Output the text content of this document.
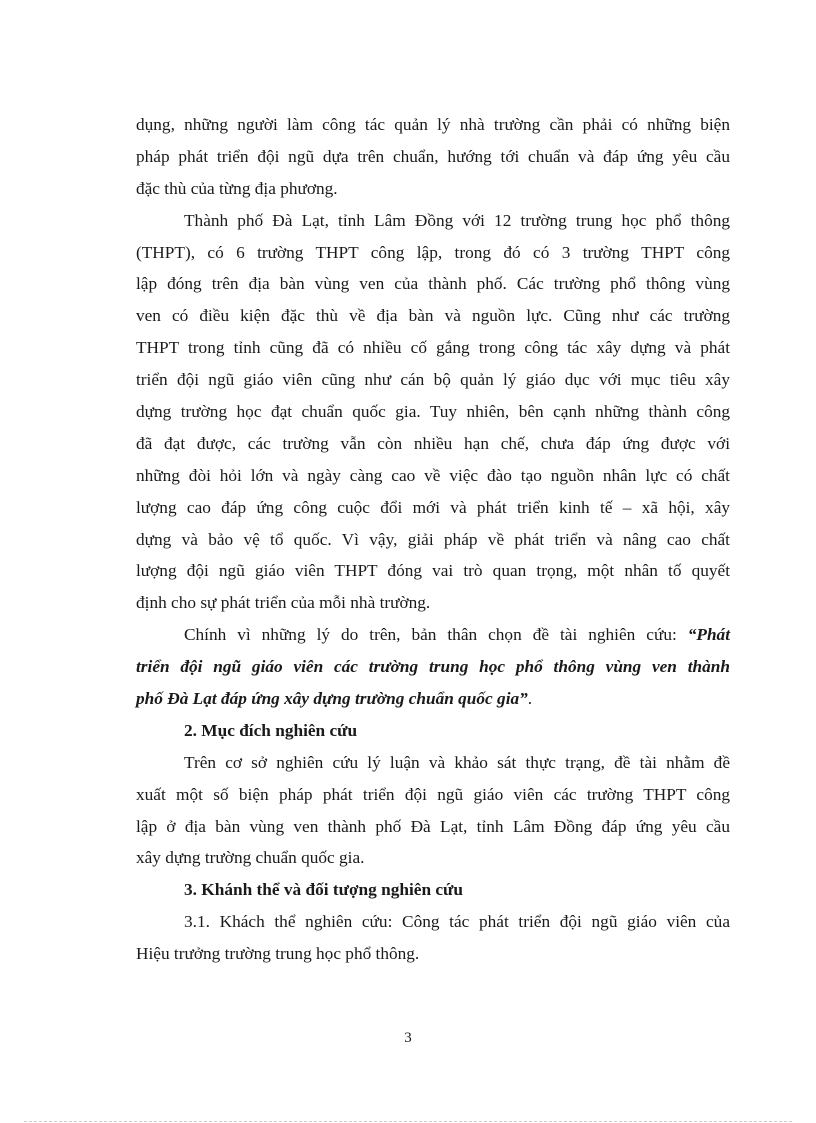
dụng, những người làm công tác quản lý nhà trường cần phải có những biện
pháp phát triển đội ngũ dựa trên chuẩn, hướng tới chuẩn và đáp ứng yêu cầu
đặc thù của từng địa phương.
Thành phố Đà Lạt, tỉnh Lâm Đồng với 12 trường trung học phổ thông
(THPT), có 6 trường THPT công lập, trong đó có 3 trường THPT công
lập đóng trên địa bàn vùng ven của thành phố. Các trường phổ thông vùng
ven có điều kiện đặc thù về địa bàn và nguồn lực. Cũng như các trường
THPT trong tỉnh cũng đã có nhiều cố gắng trong công tác xây dựng và phát
triển đội ngũ giáo viên cũng như cán bộ quản lý giáo dục với mục tiêu xây
dựng trường học đạt chuẩn quốc gia. Tuy nhiên, bên cạnh những thành công
đã đạt được, các trường vẫn còn nhiều hạn chế, chưa đáp ứng được với
những đòi hỏi lớn và ngày càng cao về việc đào tạo nguồn nhân lực có chất
lượng cao đáp ứng công cuộc đổi mới và phát triển kinh tế – xã hội, xây
dựng và bảo vệ tổ quốc. Vì vậy, giải pháp về phát triển và nâng cao chất
lượng đội ngũ giáo viên THPT đóng vai trò quan trọng, một nhân tố quyết
định cho sự phát triển của mỗi nhà trường.
Chính vì những lý do trên, bản thân chọn đề tài nghiên cứu: “Phát
triển đội ngũ giáo viên các trường trung học phổ thông vùng ven thành
phố Đà Lạt đáp ứng xây dựng trường chuẩn quốc gia”.
2. Mục đích nghiên cứu
Trên cơ sở nghiên cứu lý luận và khảo sát thực trạng, đề tài nhằm đề
xuất một số biện pháp phát triển đội ngũ giáo viên các trường THPT công
lập ở địa bàn vùng ven thành phố Đà Lạt, tỉnh Lâm Đồng đáp ứng yêu cầu
xây dựng trường chuẩn quốc gia.
3. Khánh thể và đối tượng nghiên cứu
3.1. Khách thể nghiên cứu: Công tác phát triển đội ngũ giáo viên của
Hiệu trưởng trường trung học phổ thông.
3
